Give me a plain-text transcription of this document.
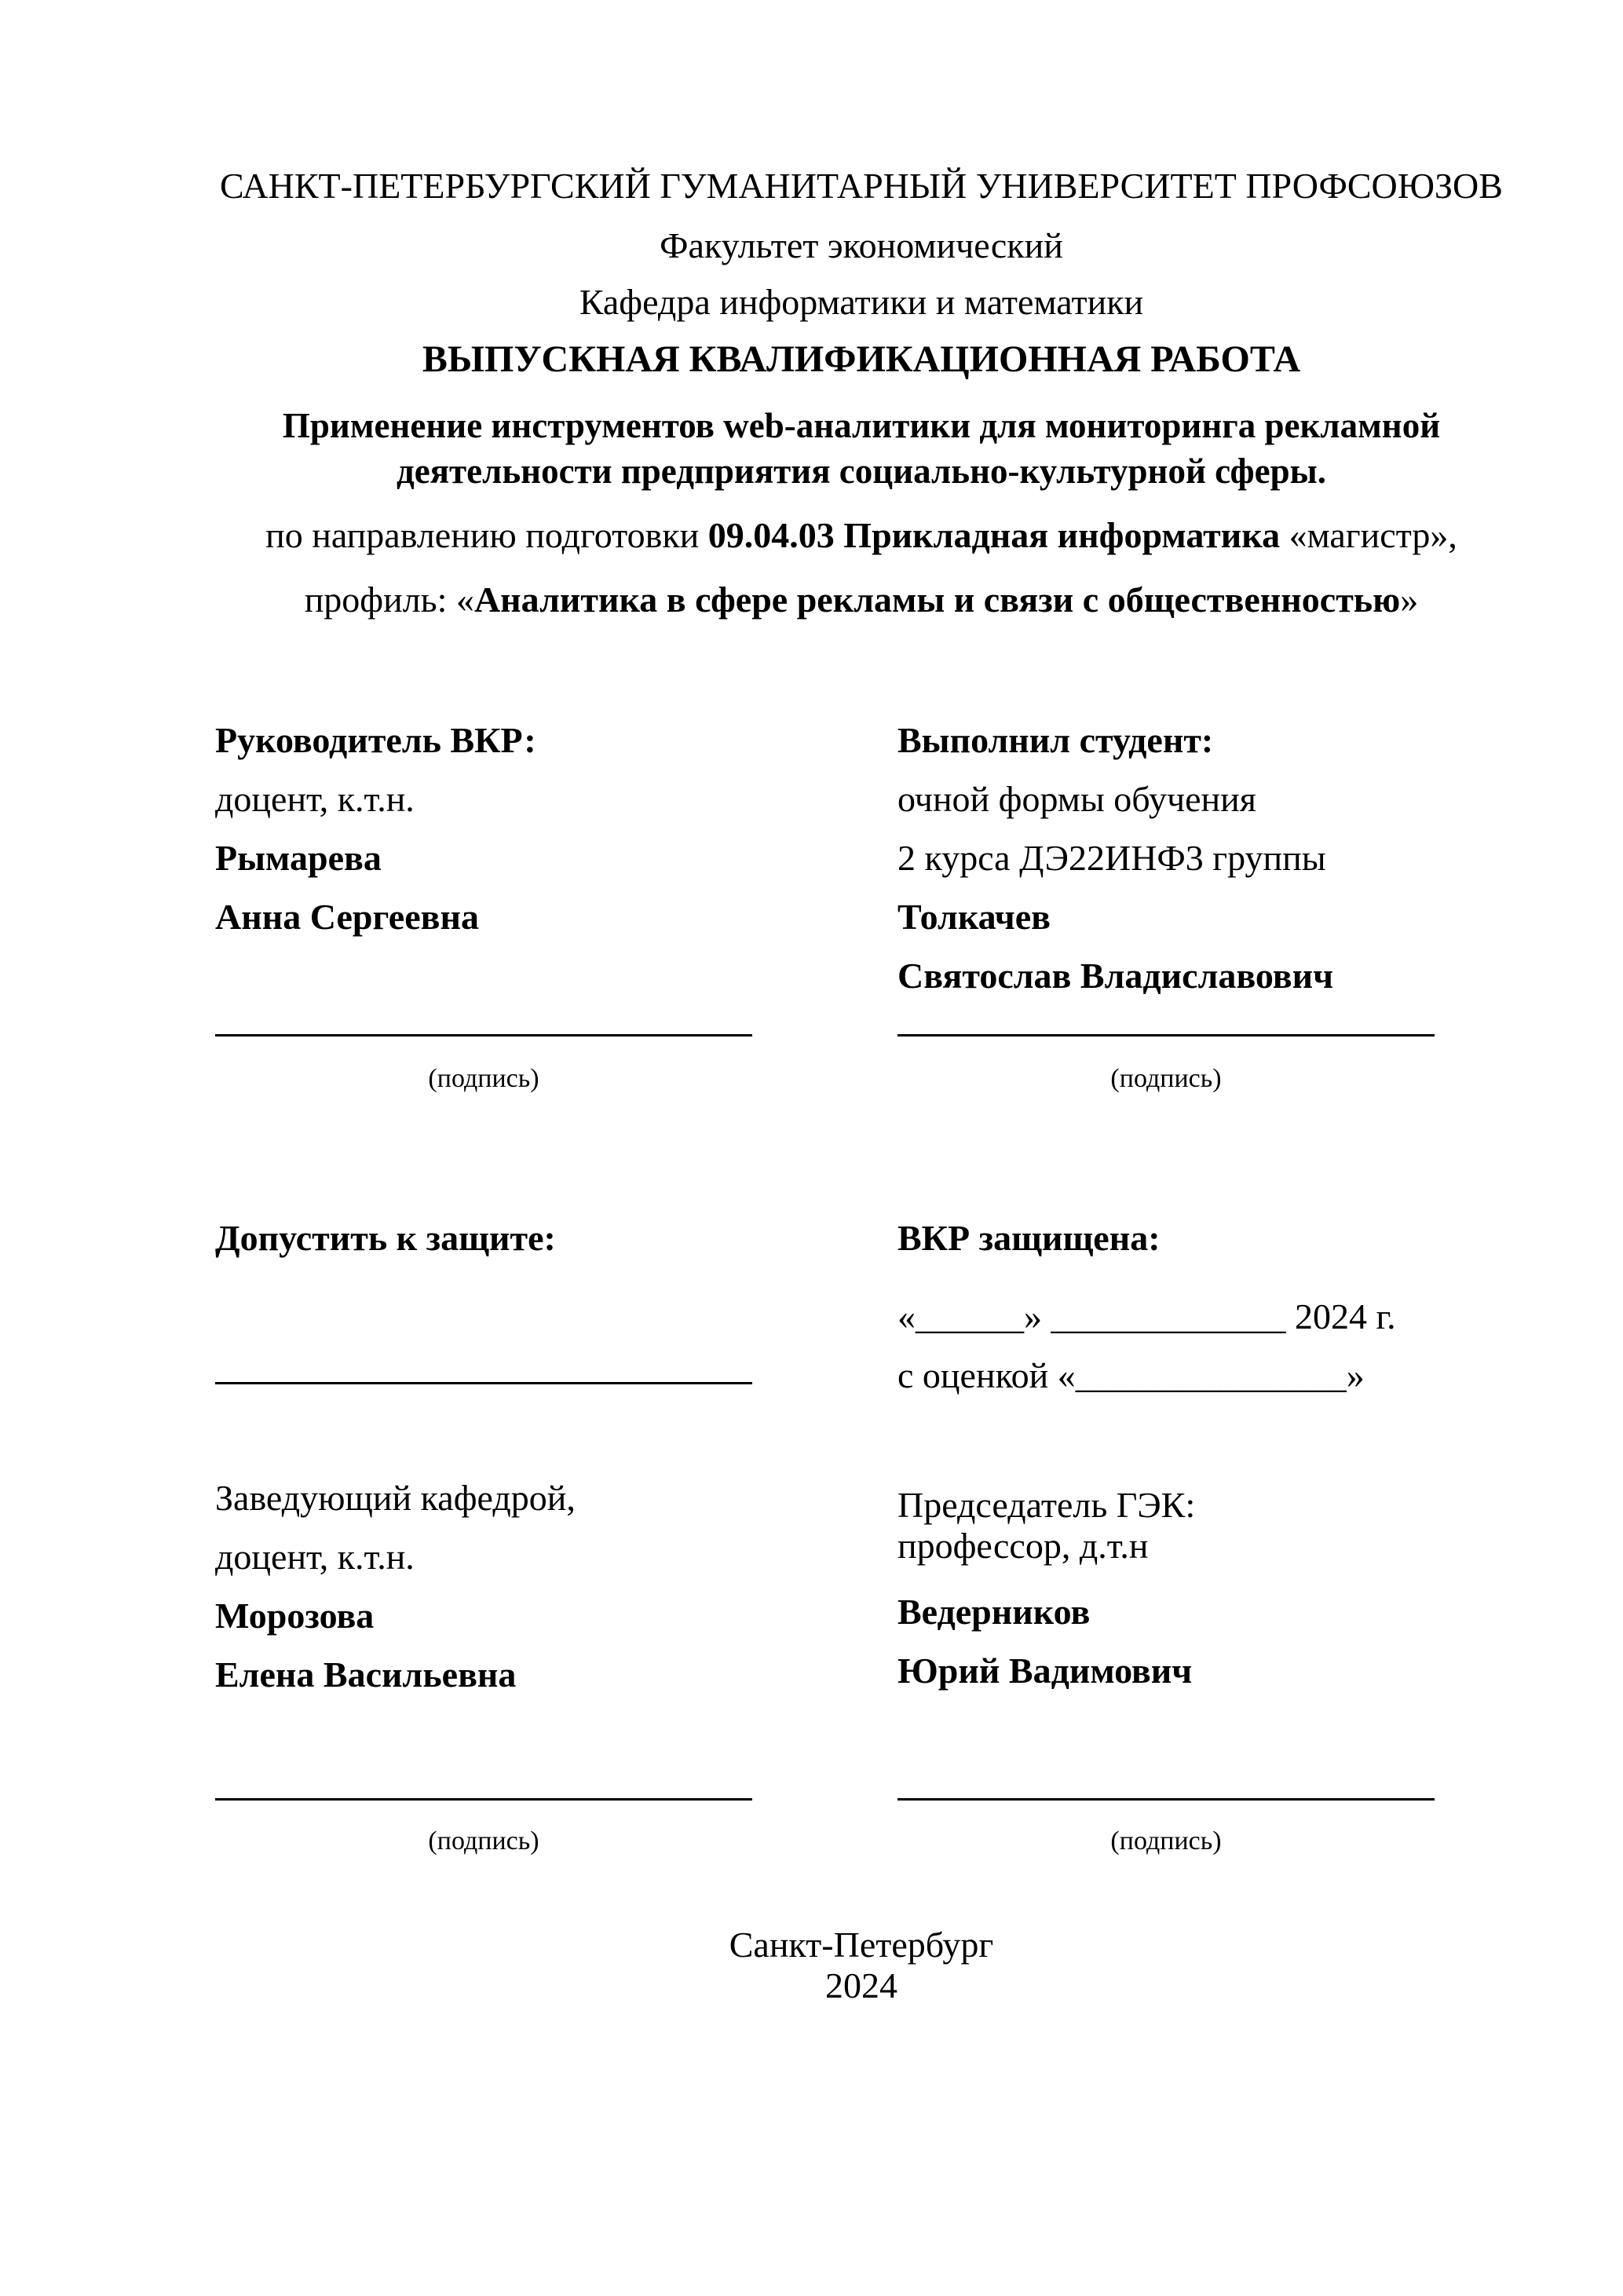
САНКТ-ПЕТЕРБУРГСКИЙ ГУМАНИТАРНЫЙ УНИВЕРСИТЕТ ПРОФСОЮЗОВ
Факультет экономический
Кафедра информатики и математики
ВЫПУСКНАЯ КВАЛИФИКАЦИОННАЯ РАБОТА
Применение инструментов web-аналитики для мониторинга рекламной деятельности предприятия социально-культурной сферы.
по направлению подготовки 09.04.03 Прикладная информатика «магистр»,
профиль: «Аналитика в сфере рекламы и связи с общественностью»
Руководитель ВКР:
доцент, к.т.н.
Рымарева
Анна Сергеевна
(подпись)
Выполнил студент:
очной формы обучения
2 курса ДЭ22ИНФ3 группы
Толкачев
Святослав Владиславович
(подпись)
Допустить к защите:	ВКР защищена:
«______» _____________ 2024 г.
с оценкой «_______________»
Заведующий кафедрой,
доцент, к.т.н.
Морозова
Елена Васильевна
(подпись)
Председатель ГЭК:
профессор, д.т.н
Ведерников
Юрий Вадимович
(подпись)
Санкт-Петербург
2024
